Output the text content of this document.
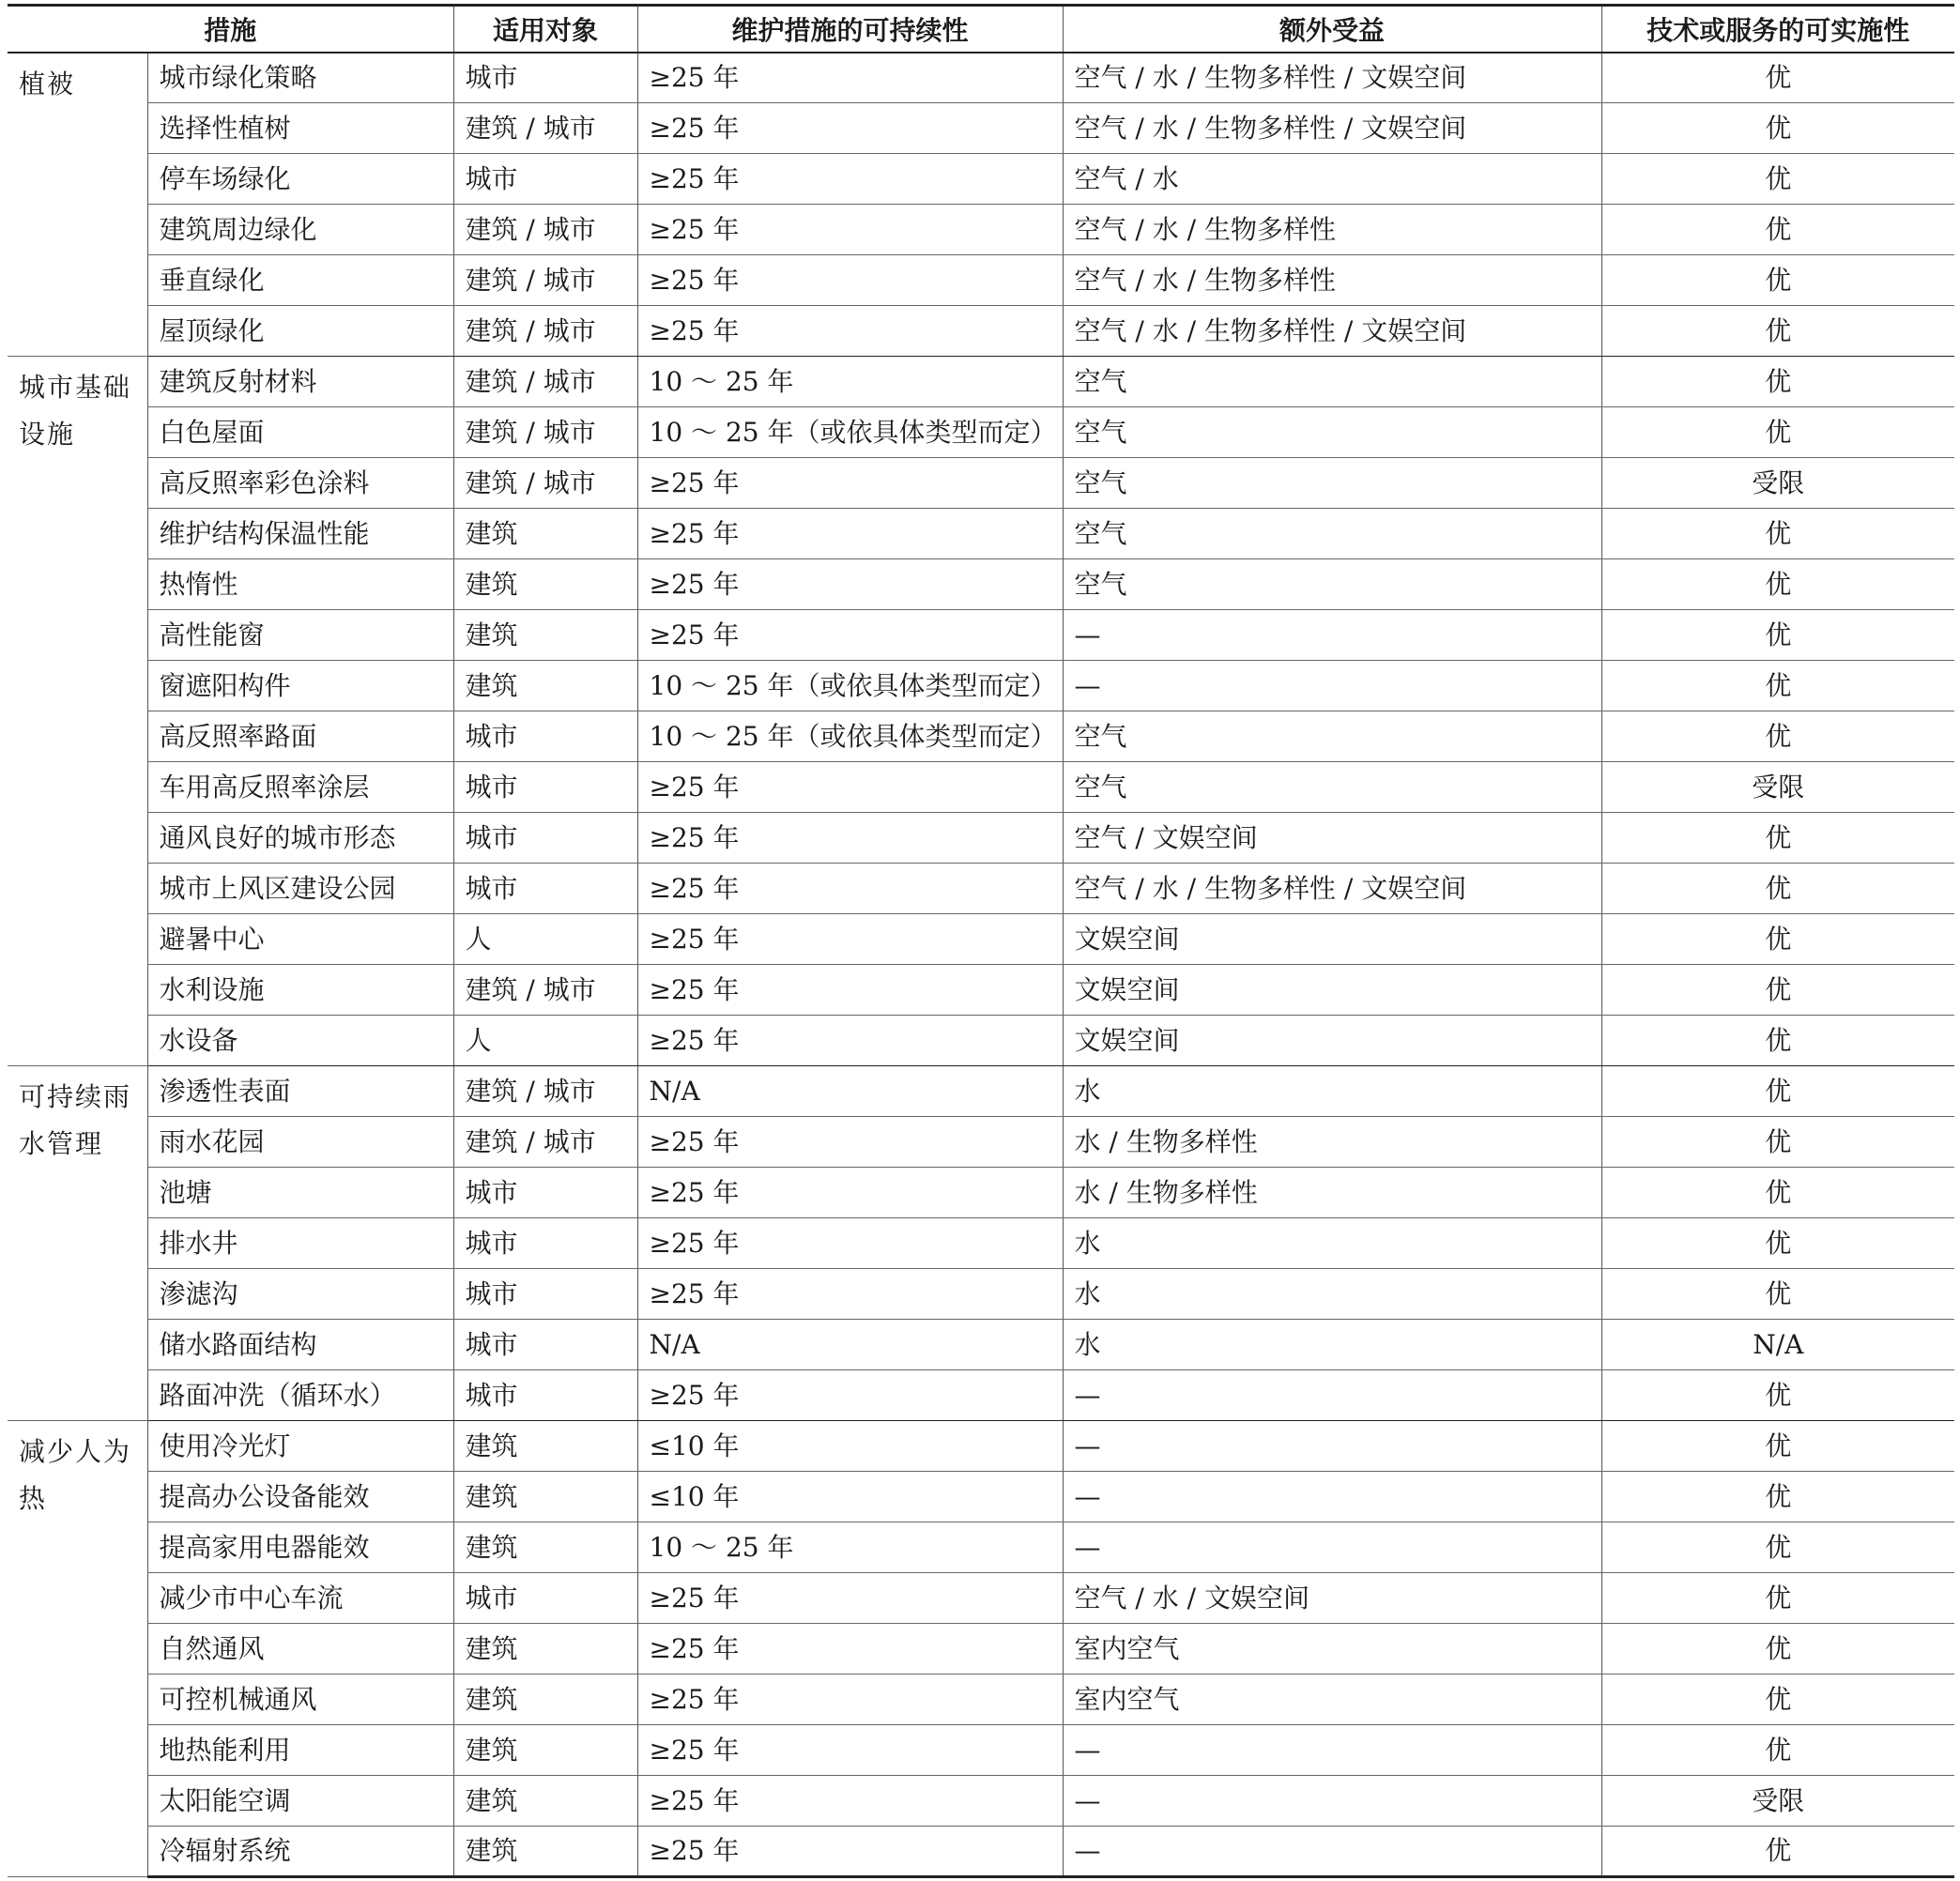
措施		适用对象	维护措施的可持续性	额外受益	技术或服务的可实施性
植被	城市绿化策略	城市	≥25 年	空气 / 水 / 生物多样性 / 文娱空间	优
	选择性植树	建筑 / 城市	≥25 年	空气 / 水 / 生物多样性 / 文娱空间	优
	停车场绿化	城市	≥25 年	空气 / 水	优
	建筑周边绿化	建筑 / 城市	≥25 年	空气 / 水 / 生物多样性	优
	垂直绿化	建筑 / 城市	≥25 年	空气 / 水 / 生物多样性	优
	屋顶绿化	建筑 / 城市	≥25 年	空气 / 水 / 生物多样性 / 文娱空间	优
城市基础设施	建筑反射材料	建筑 / 城市	10 ～ 25 年	空气	优
	白色屋面	建筑 / 城市	10 ～ 25 年（或依具体类型而定）	空气	优
	高反照率彩色涂料	建筑 / 城市	≥25 年	空气	受限
	维护结构保温性能	建筑	≥25 年	空气	优
	热惰性	建筑	≥25 年	空气	优
	高性能窗	建筑	≥25 年	—	优
	窗遮阳构件	建筑	10 ～ 25 年（或依具体类型而定）	—	优
	高反照率路面	城市	10 ～ 25 年（或依具体类型而定）	空气	优
	车用高反照率涂层	城市	≥25 年	空气	受限
	通风良好的城市形态	城市	≥25 年	空气 / 文娱空间	优
	城市上风区建设公园	城市	≥25 年	空气 / 水 / 生物多样性 / 文娱空间	优
	避暑中心	人	≥25 年	文娱空间	优
	水利设施	建筑 / 城市	≥25 年	文娱空间	优
	水设备	人	≥25 年	文娱空间	优
可持续雨水管理	渗透性表面	建筑 / 城市	N/A	水	优
	雨水花园	建筑 / 城市	≥25 年	水 / 生物多样性	优
	池塘	城市	≥25 年	水 / 生物多样性	优
	排水井	城市	≥25 年	水	优
	渗滤沟	城市	≥25 年	水	优
	储水路面结构	城市	N/A	水	N/A
	路面冲洗（循环水）	城市	≥25 年	—	优
减少人为热	使用冷光灯	建筑	≤10 年	—	优
	提高办公设备能效	建筑	≤10 年	—	优
	提高家用电器能效	建筑	10 ～ 25 年	—	优
	减少市中心车流	城市	≥25 年	空气 / 水 / 文娱空间	优
	自然通风	建筑	≥25 年	室内空气	优
	可控机械通风	建筑	≥25 年	室内空气	优
	地热能利用	建筑	≥25 年	—	优
	太阳能空调	建筑	≥25 年	—	受限
	冷辐射系统	建筑	≥25 年	—	优
